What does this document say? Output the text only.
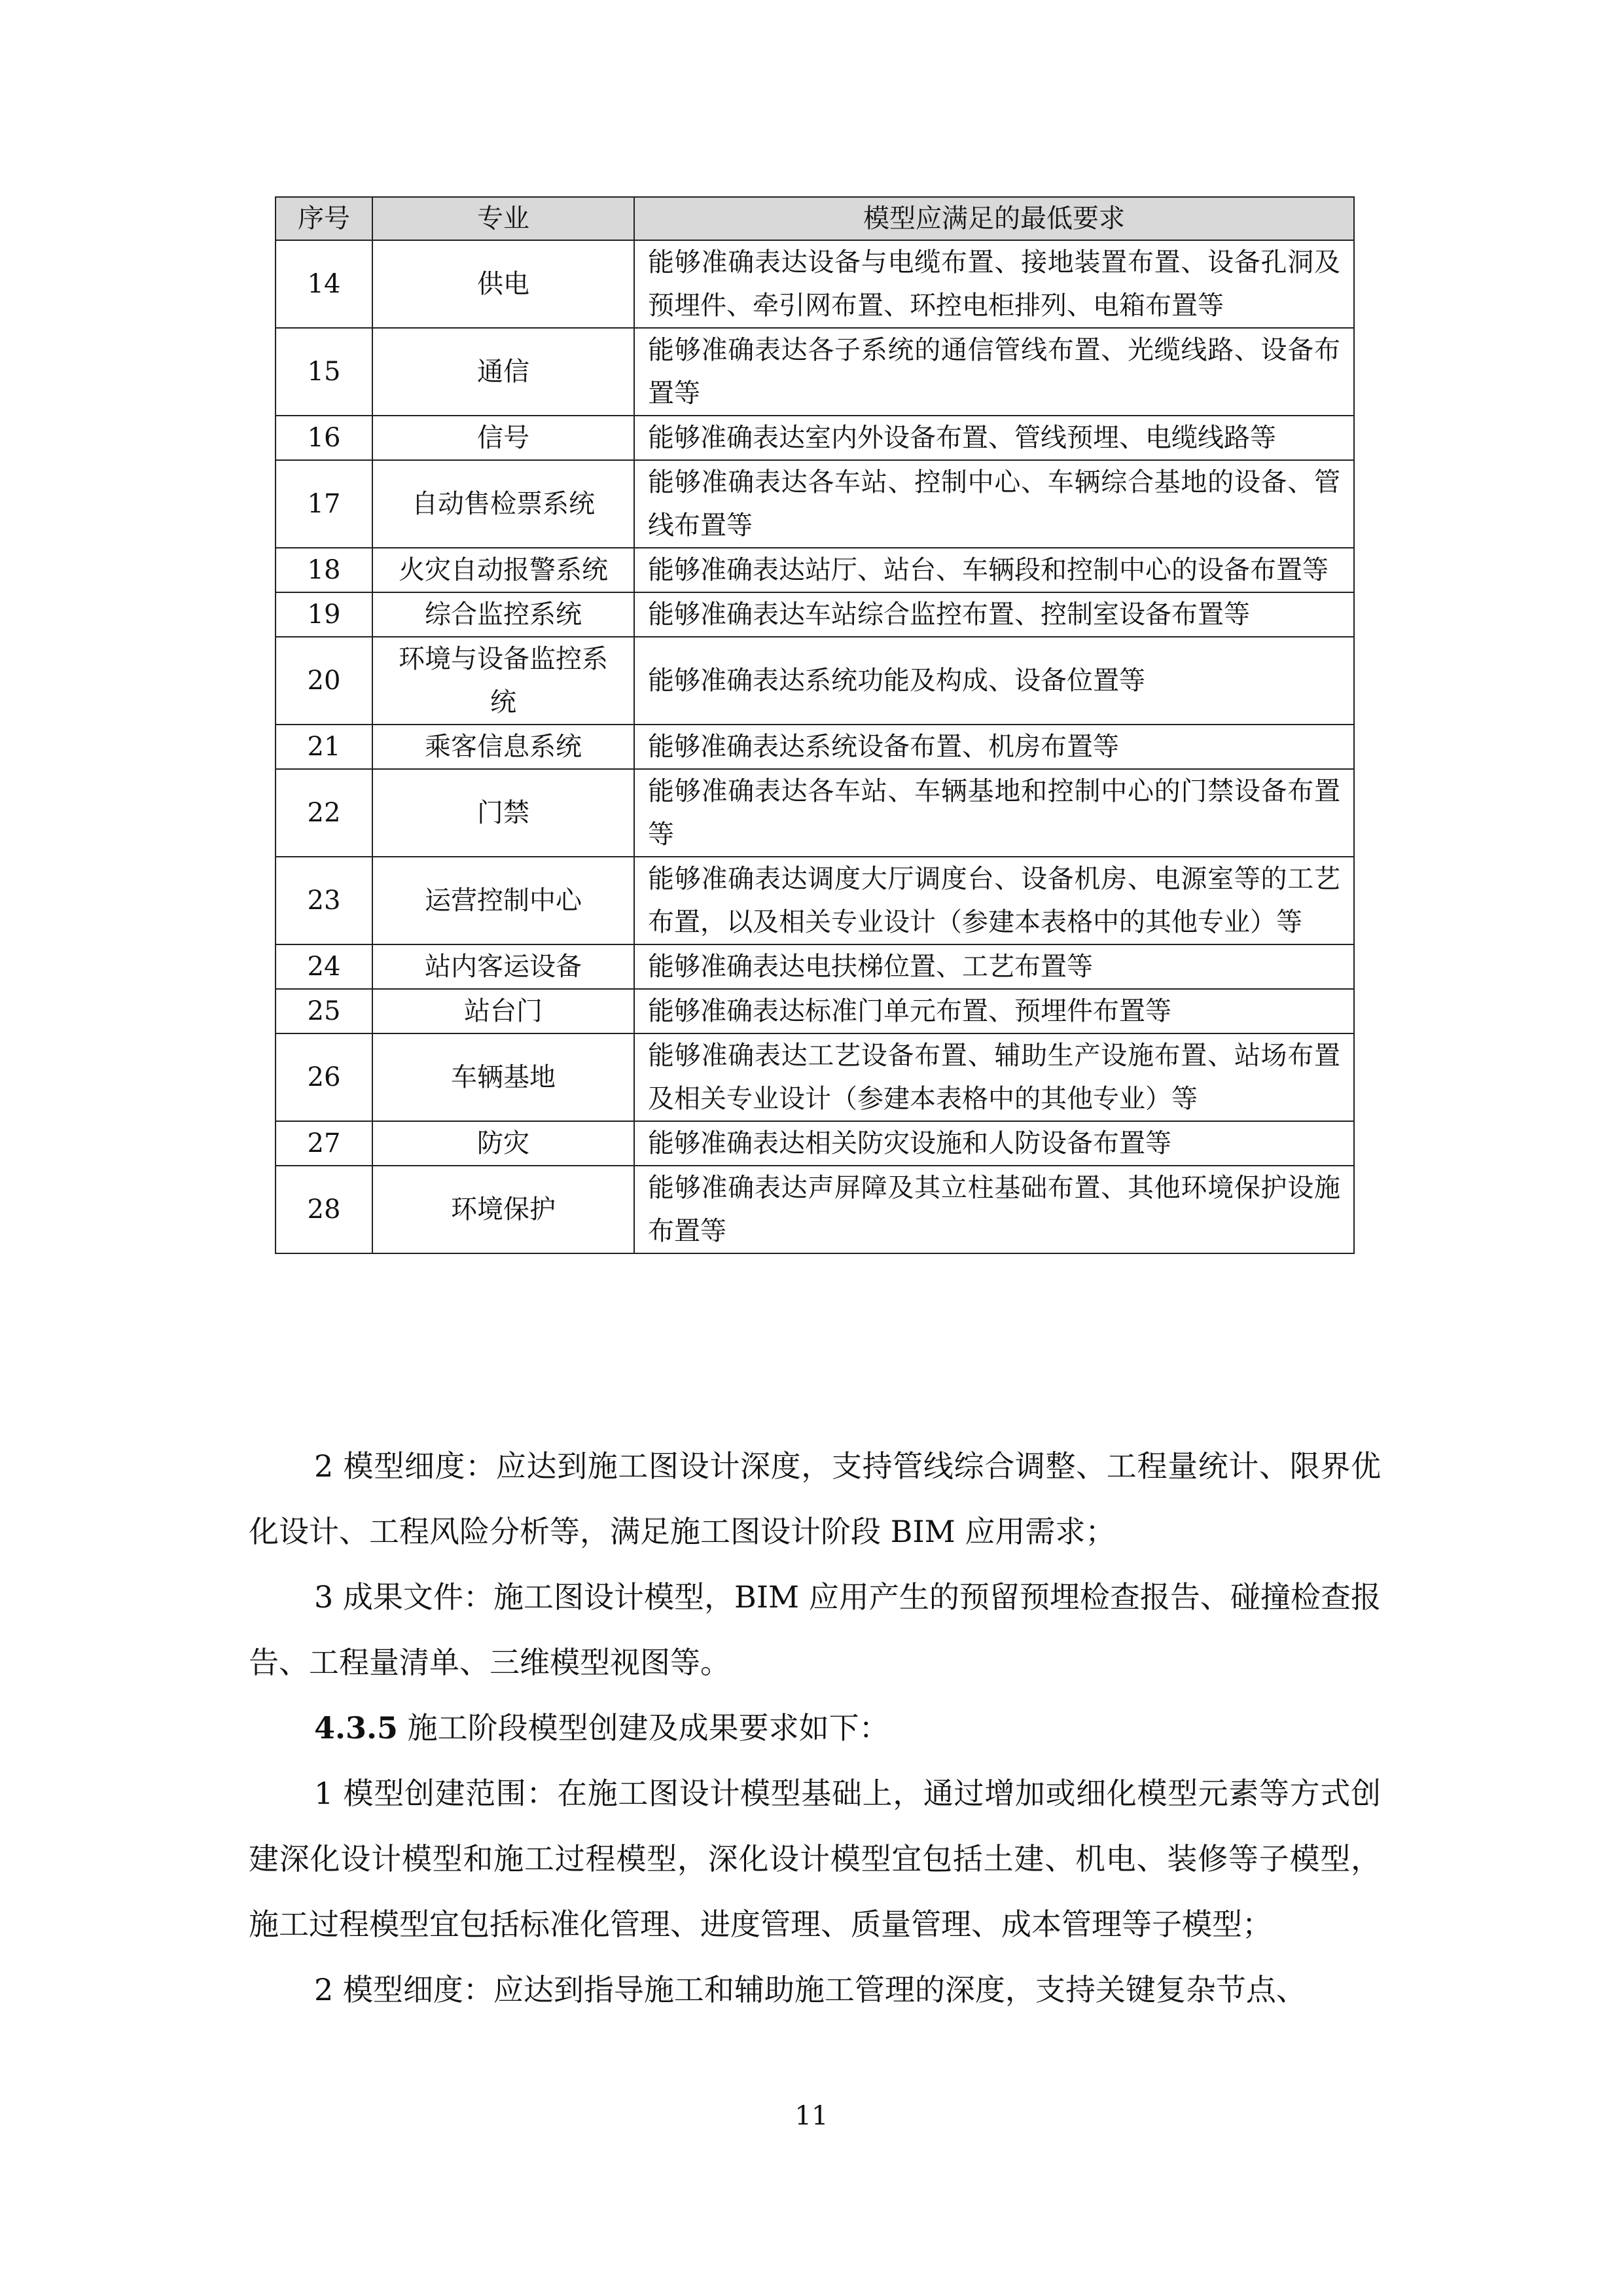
序号	专业	模型应满足的最低要求
14	供电	能够准确表达设备与电缆布置、接地装置布置、设备孔洞及预埋件、牵引网布置、环控电柜排列、电箱布置等
15	通信	能够准确表达各子系统的通信管线布置、光缆线路、设备布置等
16	信号	能够准确表达室内外设备布置、管线预埋、电缆线路等
17	自动售检票系统	能够准确表达各车站、控制中心、车辆综合基地的设备、管线布置等
18	火灾自动报警系统	能够准确表达站厅、站台、车辆段和控制中心的设备布置等
19	综合监控系统	能够准确表达车站综合监控布置、控制室设备布置等
20	环境与设备监控系统	能够准确表达系统功能及构成、设备位置等
21	乘客信息系统	能够准确表达系统设备布置、机房布置等
22	门禁	能够准确表达各车站、车辆基地和控制中心的门禁设备布置等
23	运营控制中心	能够准确表达调度大厅调度台、设备机房、电源室等的工艺布置，以及相关专业设计（参建本表格中的其他专业）等
24	站内客运设备	能够准确表达电扶梯位置、工艺布置等
25	站台门	能够准确表达标准门单元布置、预埋件布置等
26	车辆基地	能够准确表达工艺设备布置、辅助生产设施布置、站场布置及相关专业设计（参建本表格中的其他专业）等
27	防灾	能够准确表达相关防灾设施和人防设备布置等
28	环境保护	能够准确表达声屏障及其立柱基础布置、其他环境保护设施布置等

2 模型细度：应达到施工图设计深度，支持管线综合调整、工程量统计、限界优化设计、工程风险分析等，满足施工图设计阶段 BIM 应用需求；

3 成果文件：施工图设计模型，BIM 应用产生的预留预埋检查报告、碰撞检查报告、工程量清单、三维模型视图等。

4.3.5 施工阶段模型创建及成果要求如下：

1 模型创建范围：在施工图设计模型基础上，通过增加或细化模型元素等方式创建深化设计模型和施工过程模型，深化设计模型宜包括土建、机电、装修等子模型，施工过程模型宜包括标准化管理、进度管理、质量管理、成本管理等子模型；

2 模型细度：应达到指导施工和辅助施工管理的深度，支持关键复杂节点、

11
